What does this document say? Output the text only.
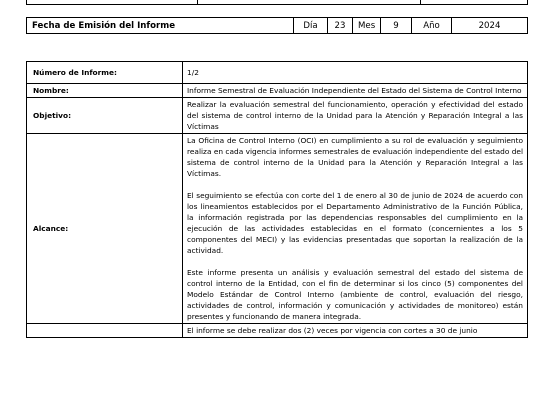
Fecha de Emisión del Informe	Día	23	Mes	9	Año	2024
Número de Informe:	1/2
Nombre:	Informe Semestral de Evaluación Independiente del Estado del Sistema de Control Interno
Objetivo:	Realizar la evaluación semestral del funcionamiento, operación y efectividad del estado del sistema de control interno de la Unidad para la Atención y Reparación Integral a las Víctimas
Alcance:	La Oficina de Control Interno (OCI) en cumplimiento a su rol de evaluación y seguimiento realiza en cada vigencia informes semestrales de evaluación independiente del estado del sistema de control interno de la Unidad para la Atención y Reparación Integral a las Víctimas.

El seguimiento se efectúa con corte del 1 de enero al 30 de junio de 2024 de acuerdo con los lineamientos establecidos por el Departamento Administrativo de la Función Pública, la información registrada por las dependencias responsables del cumplimiento en la ejecución de las actividades establecidas en el formato (concernientes a los 5 componentes del MECI) y las evidencias presentadas que soportan la realización de la actividad.

Este informe presenta un análisis y evaluación semestral del estado del sistema de control interno de la Entidad, con el fin de determinar si los cinco (5) componentes del Modelo Estándar de Control Interno (ambiente de control, evaluación del riesgo, actividades de control, información y comunicación y actividades de monitoreo) están presentes y funcionando de manera integrada.

	El informe se debe realizar dos (2) veces por vigencia con cortes a 30 de junio
